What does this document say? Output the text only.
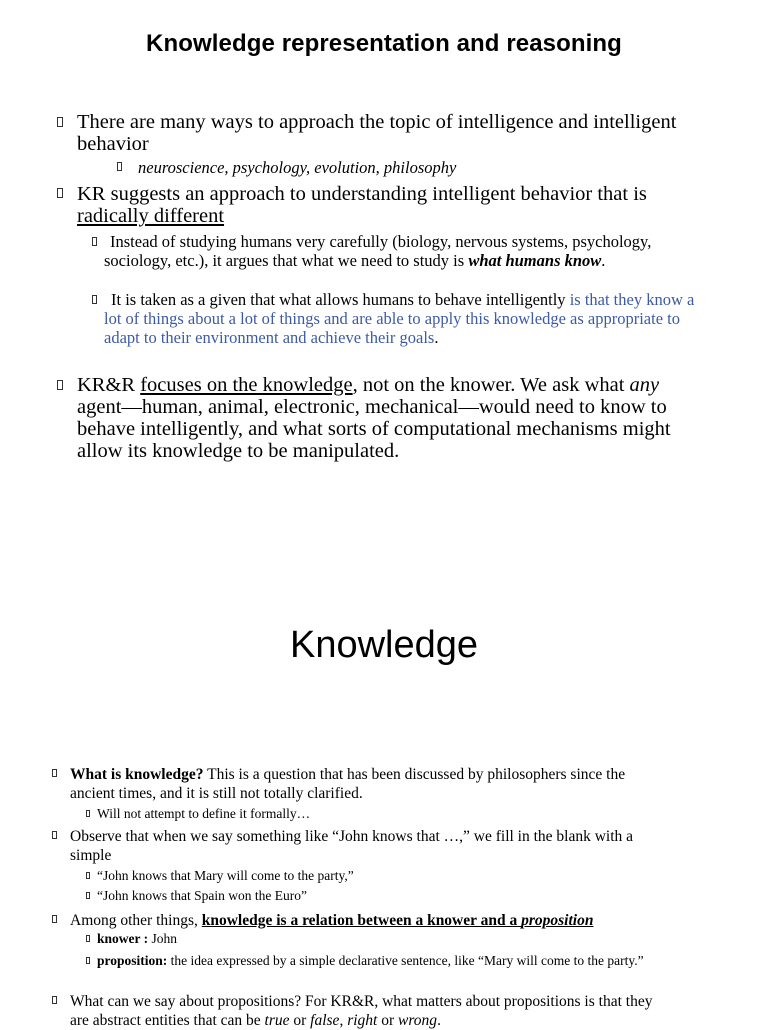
Knowledge representation and reasoning
There are many ways to approach the topic of intelligence and intelligent behavior
neuroscience, psychology, evolution, philosophy
KR suggests an approach to understanding intelligent behavior that is radically different
Instead of studying humans very carefully (biology, nervous systems, psychology, sociology, etc.), it argues that what we need to study is what humans know.
It is taken as a given that what allows humans to behave intelligently is that they know a lot of things about a lot of things and are able to apply this knowledge as appropriate to adapt to their environment and achieve their goals.
KR&R focuses on the knowledge, not on the knower. We ask what any agent—human, animal, electronic, mechanical—would need to know to behave intelligently, and what sorts of computational mechanisms might allow its knowledge to be manipulated.
Knowledge
What is knowledge? This is a question that has been discussed by philosophers since the ancient times, and it is still not totally clarified.
Will not attempt to define it formally…
Observe that when we say something like “John knows that …,” we fill in the blank with a simple
“John knows that Mary will come to the party,”
“John knows that Spain won the Euro”
Among other things, knowledge is a relation between a knower and a proposition
knower : John
proposition: the idea expressed by a simple declarative sentence, like “Mary will come to the party.”
What can we say about propositions? For KR&R, what matters about propositions is that they are abstract entities that can be true or false, right or wrong.
